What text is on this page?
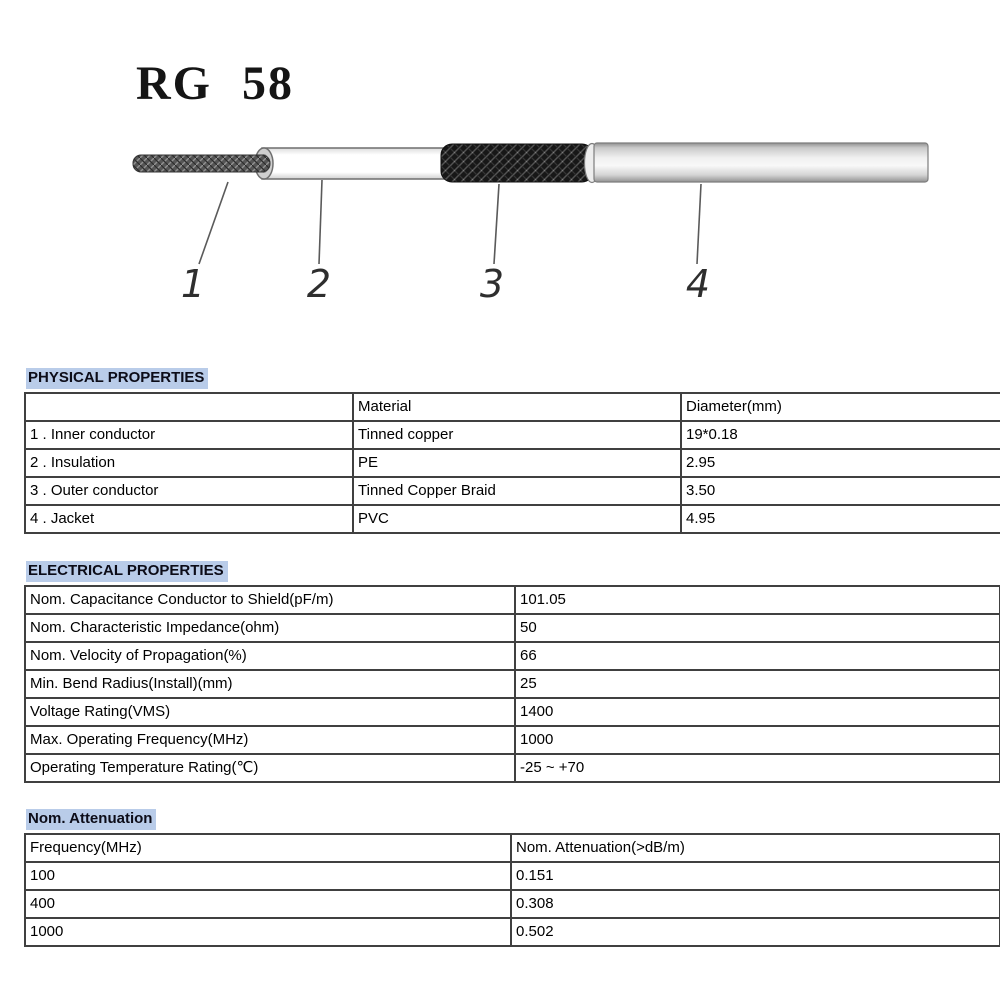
RG 58
1	2	3	4
PHYSICAL PROPERTIES
	Material	Diameter(mm)
1 . Inner conductor	Tinned copper	19*0.18
2 . Insulation	PE	2.95
3 . Outer conductor	Tinned Copper Braid	3.50
4 . Jacket	PVC	4.95
ELECTRICAL PROPERTIES
Nom. Capacitance Conductor to Shield(pF/m)	101.05
Nom. Characteristic Impedance(ohm)	50
Nom. Velocity of Propagation(%)	66
Min. Bend Radius(Install)(mm)	25
Voltage Rating(VMS)	1400
Max. Operating Frequency(MHz)	1000
Operating Temperature Rating(℃)	-25 ~ +70
Nom. Attenuation
Frequency(MHz)	Nom. Attenuation(>dB/m)
100	0.151
400	0.308
1000	0.502
